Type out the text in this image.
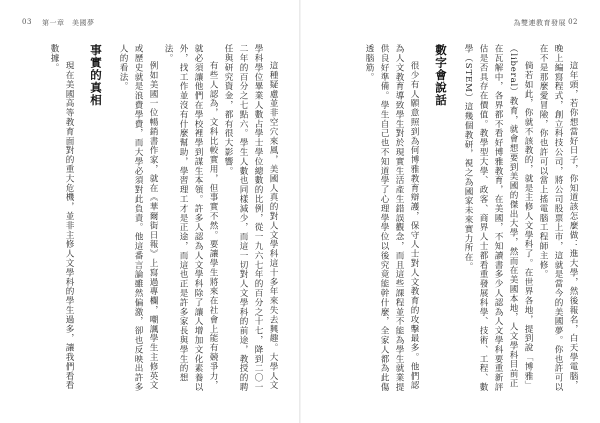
03 第一章　美國夢	為雙連教育發展 02

這年頭，若你想當好日子，你知道該怎麼做：進大學，然後報名，白天學電腦，晚上編寫程式，創立科技公司，將公司股票上市，這就是當今的美國夢。你也許可以在不是那麼愛冒險，你也許可以當上搖電腦工程師主修。

倘若如此，你就不該教的，就是主修人文學科了。在世界各地，提到說「博雅」（liberal）教育，就會想要到美國的傑出大學，然而在美國本地，人文學科目前正在瓦解中，各界都不看好博雅教育，在美國，不知讀書多少人認為人文學科要重新評估是否具存在價值。教學型大學、政客、商界人士都看重發展科學、技術、工程、數學（STEM）這幾個教研，視之為國家未來實力所在。

數字會說話

很少有人願意照到為何博雅教育辯護，保守人士對人文教育的攻擊最多。他們認為人文教育導致學生對於現實生活產生錯誤觀念，而且這些課程並不能為學生就業提供良好準備。學生自己也不知道學了心理學學位以後究竟能幹什麼，全家人都為此傷透腦筋。

這種疑慮並非空穴來風，美國人真的對人文學科這十多年來失去興趣。大學人文學科學位畢業人數占學士學位總數的比例，從一九六七年的百分之十七，降到二〇一二年的百分之七點六。學生人數也同樣減少，而這一切對人文學科的前途，教授的聘任與研究資金，都有很大影響。

有些人認為，文科比較實用，但事實不然。要讓學生將來在社會上能有競爭力，就必須讓他們在學校裡學到謀生本領。許多人認為人文學科除了讓人增加文化素養以外，找工作並沒有什麼幫助，學習理工才是正途，而這也正是許多家長與學生的想法。

例如美國一位暢銷書作家，就在《華爾街日報》上寫過專欄，嘲諷學生主修英文或歷史就是浪費學費，而大學必須對此負責。他這番言論雖然偏激，卻也反映出許多人的看法。

事實的真相

現在美國高等教育面對的重大危機，並非主修人文學科的學生過多，讓我們看看數據。
